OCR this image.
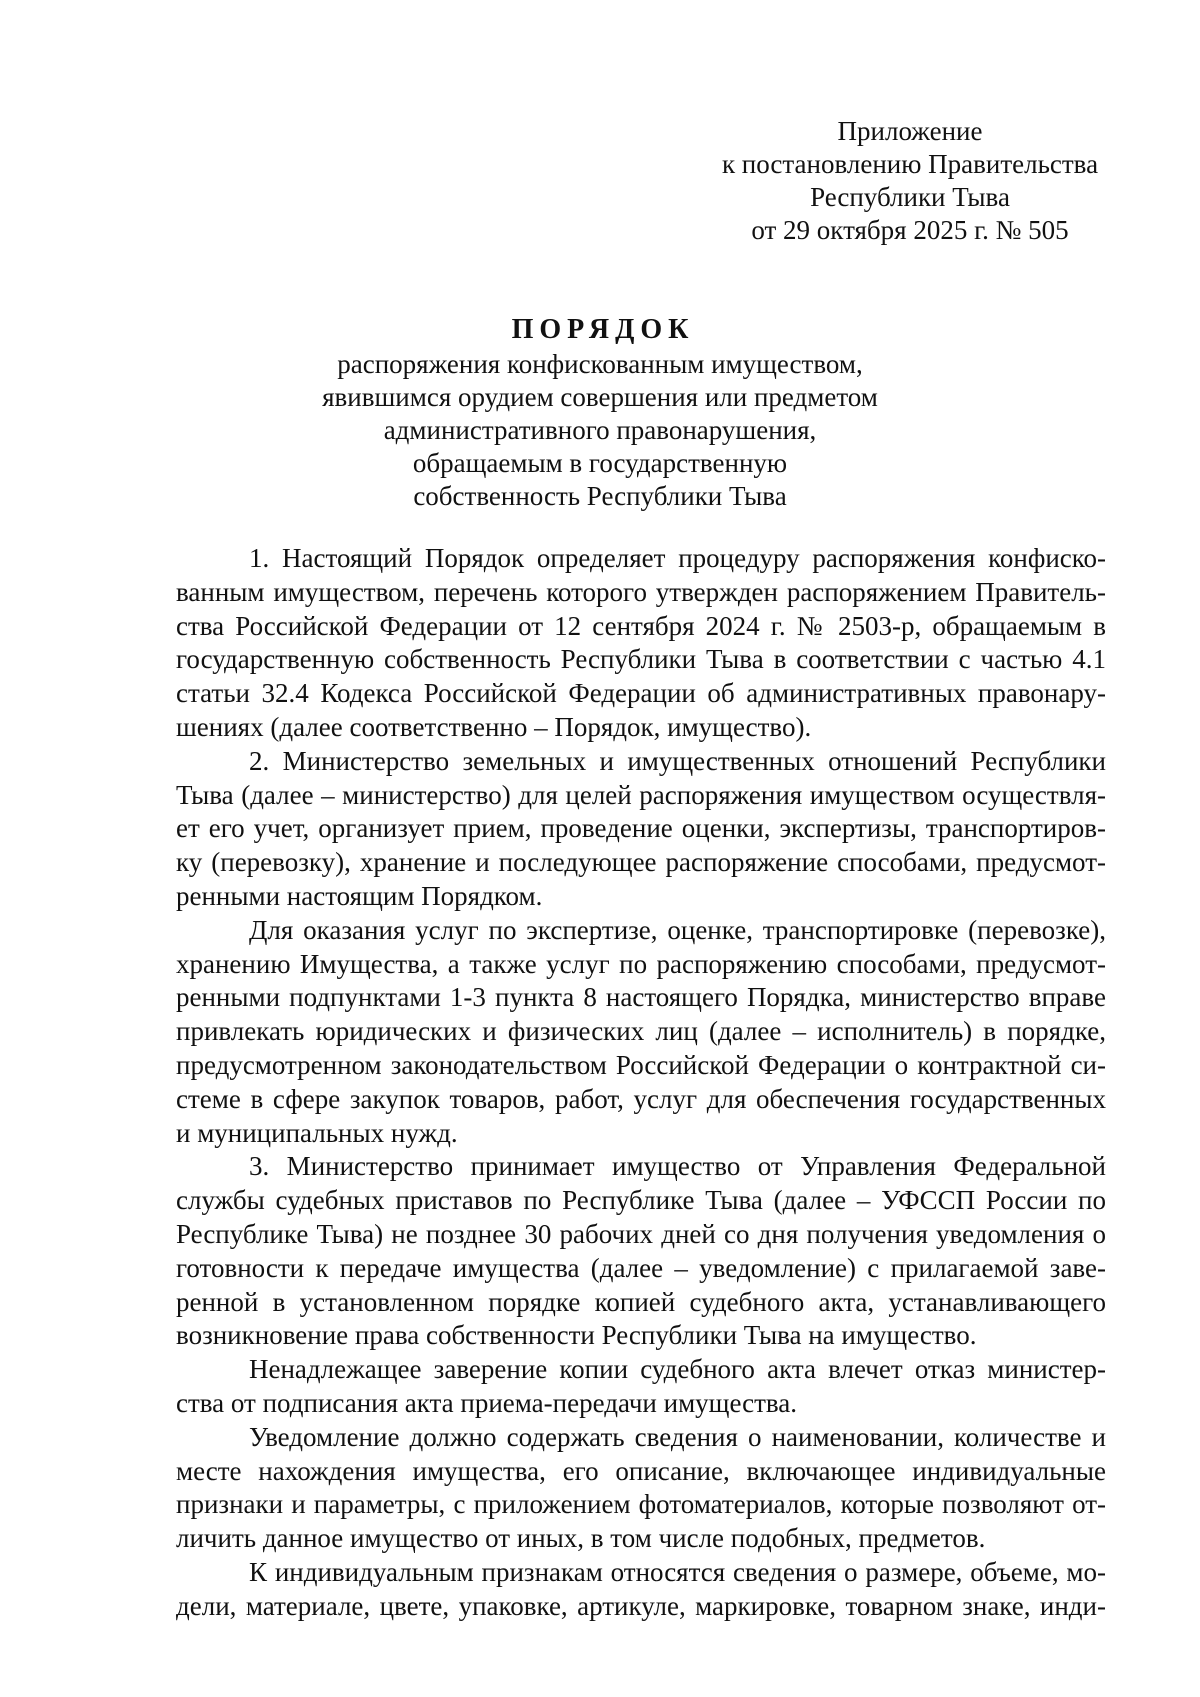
Приложение
к постановлению Правительства
Республики Тыва
от 29 октября 2025 г. № 505
ПОРЯДОК
распоряжения конфискованным имуществом,
явившимся орудием совершения или предметом
административного правонарушения,
обращаемым в государственную
собственность Республики Тыва
1. Настоящий Порядок определяет процедуру распоряжения конфиско-
ванным имуществом, перечень которого утвержден распоряжением Правитель-
ства Российской Федерации от 12 сентября 2024 г. № 2503-р, обращаемым в
государственную собственность Республики Тыва в соответствии с частью 4.1
статьи 32.4 Кодекса Российской Федерации об административных правонару-
шениях (далее соответственно – Порядок, имущество).
2. Министерство земельных и имущественных отношений Республики
Тыва (далее – министерство) для целей распоряжения имуществом осуществля-
ет его учет, организует прием, проведение оценки, экспертизы, транспортиров-
ку (перевозку), хранение и последующее распоряжение способами, предусмот-
ренными настоящим Порядком.
Для оказания услуг по экспертизе, оценке, транспортировке (перевозке),
хранению Имущества, а также услуг по распоряжению способами, предусмот-
ренными подпунктами 1-3 пункта 8 настоящего Порядка, министерство вправе
привлекать юридических и физических лиц (далее – исполнитель) в порядке,
предусмотренном законодательством Российской Федерации о контрактной си-
стеме в сфере закупок товаров, работ, услуг для обеспечения государственных
и муниципальных нужд.
3. Министерство принимает имущество от Управления Федеральной
службы судебных приставов по Республике Тыва (далее – УФССП России по
Республике Тыва) не позднее 30 рабочих дней со дня получения уведомления о
готовности к передаче имущества (далее – уведомление) с прилагаемой заве-
ренной в установленном порядке копией судебного акта, устанавливающего
возникновение права собственности Республики Тыва на имущество.
Ненадлежащее заверение копии судебного акта влечет отказ министер-
ства от подписания акта приема-передачи имущества.
Уведомление должно содержать сведения о наименовании, количестве и
месте нахождения имущества, его описание, включающее индивидуальные
признаки и параметры, с приложением фотоматериалов, которые позволяют от-
личить данное имущество от иных, в том числе подобных, предметов.
К индивидуальным признакам относятся сведения о размере, объеме, мо-
дели, материале, цвете, упаковке, артикуле, маркировке, товарном знаке, инди-
